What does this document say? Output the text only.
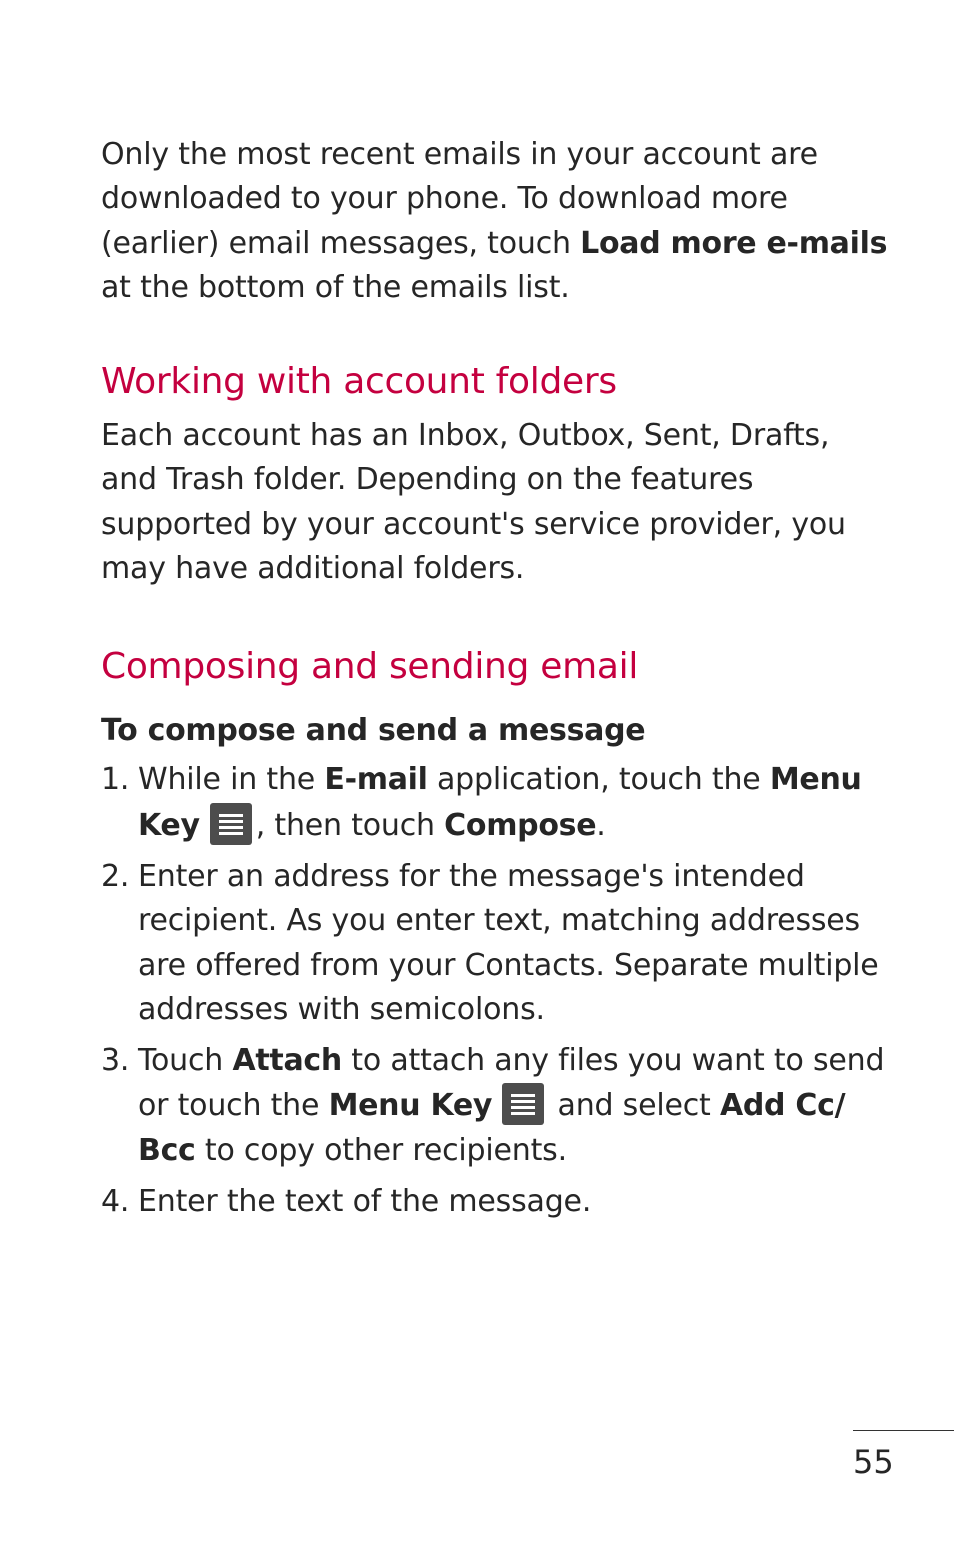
Only the most recent emails in your account are downloaded to your phone. To download more (earlier) email messages, touch Load more e-mails at the bottom of the emails list.

Working with account folders

Each account has an Inbox, Outbox, Sent, Drafts, and Trash folder. Depending on the features supported by your account's service provider, you may have additional folders.

Composing and sending email

To compose and send a message

1. While in the E-mail application, touch the Menu Key , then touch Compose.
2. Enter an address for the message's intended recipient. As you enter text, matching addresses are offered from your Contacts. Separate multiple addresses with semicolons.
3. Touch Attach to attach any files you want to send or touch the Menu Key
and select Add Cc/ Bcc to copy other recipients.
4. Enter the text of the message.
55
